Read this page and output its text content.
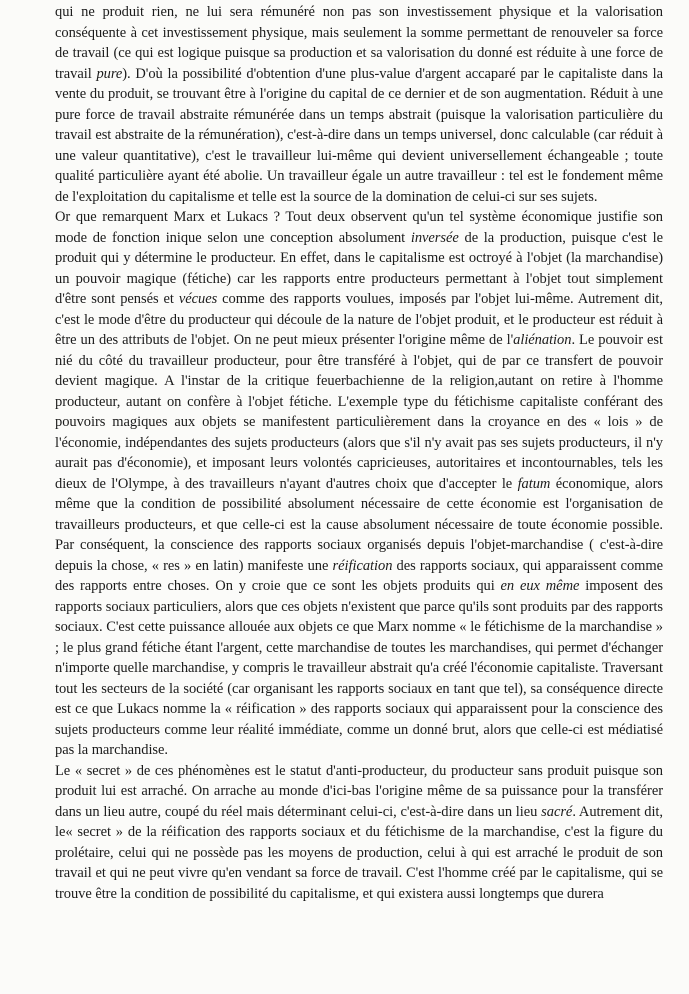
qui ne produit rien, ne lui sera rémunéré non pas son investissement physique et la valorisation conséquente à cet investissement physique, mais seulement la somme permettant de renouveler sa force de travail (ce qui est logique puisque sa production et sa valorisation du donné est réduite à une force de travail pure). D'où la possibilité d'obtention d'une plus-value d'argent accaparé par le capitaliste dans la vente du produit, se trouvant être à l'origine du capital de ce dernier et de son augmentation. Réduit à une pure force de travail abstraite rémunérée dans un temps abstrait (puisque la valorisation particulière du travail est abstraite de la rémunération), c'est-à-dire dans un temps universel, donc calculable (car réduit à une valeur quantitative), c'est le travailleur lui-même qui devient universellement échangeable ; toute qualité particulière ayant été abolie. Un travailleur égale un autre travailleur : tel est le fondement même de l'exploitation du capitalisme et telle est la source de la domination de celui-ci sur ses sujets.

Or que remarquent Marx et Lukacs ? Tout deux observent qu'un tel système économique justifie son mode de fonction inique selon une conception absolument inversée de la production, puisque c'est le produit qui y détermine le producteur. En effet, dans le capitalisme est octroyé à l'objet (la marchandise) un pouvoir magique (fétiche) car les rapports entre producteurs permettant à l'objet tout simplement d'être sont pensés et vécues comme des rapports voulues, imposés par l'objet lui-même. Autrement dit, c'est le mode d'être du producteur qui découle de la nature de l'objet produit, et le producteur est réduit à être un des attributs de l'objet. On ne peut mieux présenter l'origine même de l'aliénation. Le pouvoir est nié du côté du travailleur producteur, pour être transféré à l'objet, qui de par ce transfert de pouvoir devient magique. A l'instar de la critique feuerbachienne de la religion,autant on retire à l'homme producteur, autant on confère à l'objet fétiche. L'exemple type du fétichisme capitaliste conférant des pouvoirs magiques aux objets se manifestent particulièrement dans la croyance en des « lois » de l'économie, indépendantes des sujets producteurs (alors que s'il n'y avait pas ses sujets producteurs, il n'y aurait pas d'économie), et imposant leurs volontés capricieuses, autoritaires et incontournables, tels les dieux de l'Olympe, à des travailleurs n'ayant d'autres choix que d'accepter le fatum économique, alors même que la condition de possibilité absolument nécessaire de cette économie est l'organisation de travailleurs producteurs, et que celle-ci est la cause absolument nécessaire de toute économie possible. Par conséquent, la conscience des rapports sociaux organisés depuis l'objet-marchandise ( c'est-à-dire depuis la chose, « res » en latin) manifeste une réification des rapports sociaux, qui apparaissent comme des rapports entre choses. On y croie que ce sont les objets produits qui en eux même imposent des rapports sociaux particuliers, alors que ces objets n'existent que parce qu'ils sont produits par des rapports sociaux. C'est cette puissance allouée aux objets ce que Marx nomme « le fétichisme de la marchandise » ; le plus grand fétiche étant l'argent, cette marchandise de toutes les marchandises, qui permet d'échanger n'importe quelle marchandise, y compris le travailleur abstrait qu'a créé l'économie capitaliste. Traversant tout les secteurs de la société (car organisant les rapports sociaux en tant que tel), sa conséquence directe est ce que Lukacs nomme la « réification » des rapports sociaux qui apparaissent pour la conscience des sujets producteurs comme leur réalité immédiate, comme un donné brut, alors que celle-ci est médiatisé pas la marchandise.

Le « secret » de ces phénomènes est le statut d'anti-producteur, du producteur sans produit puisque son produit lui est arraché. On arrache au monde d'ici-bas l'origine même de sa puissance pour la transférer dans un lieu autre, coupé du réel mais déterminant celui-ci, c'est-à-dire dans un lieu sacré. Autrement dit, le« secret » de la réification des rapports sociaux et du fétichisme de la marchandise, c'est la figure du prolétaire, celui qui ne possède pas les moyens de production, celui à qui est arraché le produit de son travail et qui ne peut vivre qu'en vendant sa force de travail. C'est l'homme créé par le capitalisme, qui se trouve être la condition de possibilité du capitalisme, et qui existera aussi longtemps que durera
